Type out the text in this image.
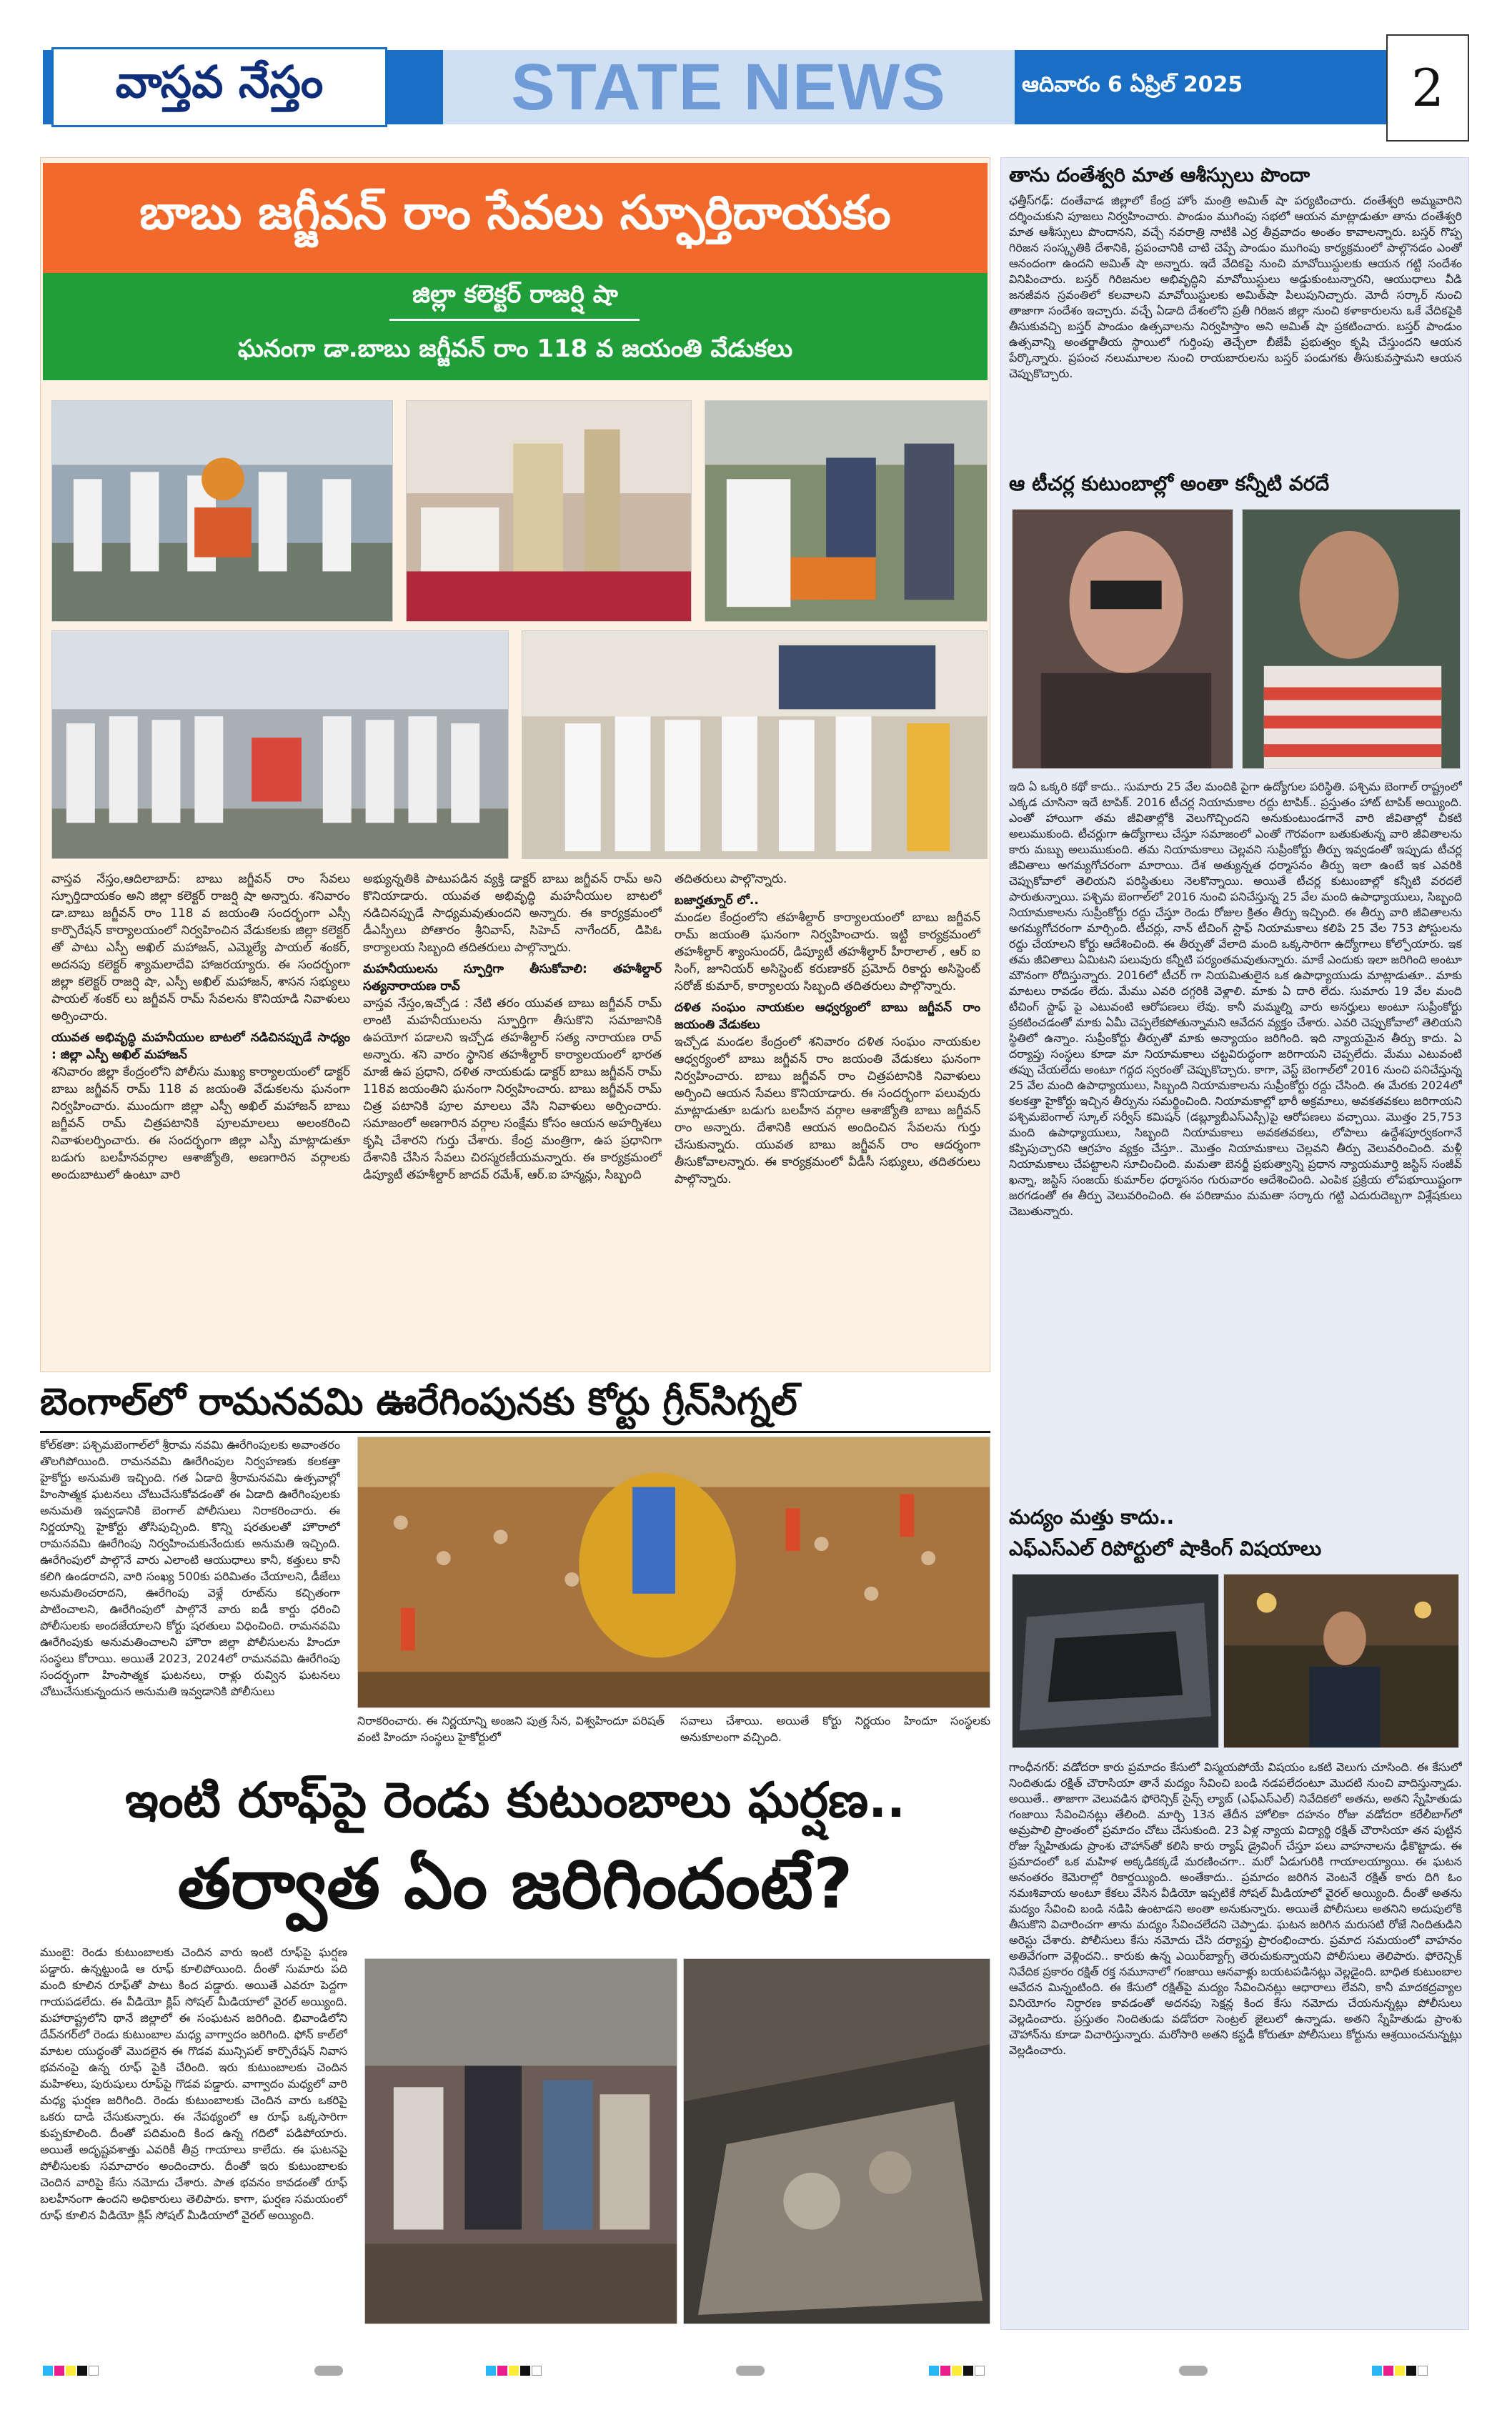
వాస్తవ నేస్తం	STATE NEWS	ఆదివారం 6 ఏప్రిల్ 2025	2
బాబు జగ్జీవన్ రాం సేవలు స్ఫూర్తిదాయకం
జిల్లా కలెక్టర్ రాజర్షి షా
ఘనంగా డా.బాబు జగ్జీవన్ రాం 118 వ జయంతి వేడుకలు

వాస్తవ నేస్తం,ఆదిలాబాద్: బాబు జగ్జీవన్ రాం సేవలు స్ఫూర్తిదాయకం అని జిల్లా కలెక్టర్ రాజర్షి షా అన్నారు. శనివారం డా.బాబు జగ్జీవన్ రాం 118 వ జయంతి సందర్భంగా ఎస్సీ కార్పొరేషన్ కార్యాలయంలో నిర్వహించిన వేడుకలకు జిల్లా కలెక్టర్ తో పాటు ఎస్పీ అఖిల్ మహాజన్, ఎమ్మెల్యే పాయల్ శంకర్, అదనపు కలెక్టర్ శ్యామలాదేవి హాజరయ్యారు. ఈ సందర్భంగా జిల్లా కలెక్టర్ రాజర్షి షా, ఎస్పీ అఖిల్ మహాజన్, శాసన సభ్యులు పాయల్ శంకర్ లు జగ్జీవన్ రామ్ సేవలను కొనియాడి నివాళులు అర్పించారు.

యువత అభివృద్ధి మహనీయుల బాటలో నడిచినప్పుడే సాధ్యం : జిల్లా ఎస్పీ అఖిల్ మహాజన్

శనివారం జిల్లా కేంద్రంలోని పోలీసు ముఖ్య కార్యాలయంలో డాక్టర్ బాబు జగ్జీవన్ రామ్ 118 వ జయంతి వేడుకలను ఘనంగా నిర్వహించారు. ముందుగా జిల్లా ఎస్పీ అఖిల్ మహాజన్ బాబు జగ్జీవన్ రామ్ చిత్రపటానికి పూలమాలలు అలంకరించి నివాళులర్పించారు. ఈ సందర్భంగా జిల్లా ఎస్పీ మాట్లాడుతూ బడుగు బలహీనవర్గాల ఆశాజ్యోతి, అణగారిన వర్గాలకు అందుబాటులో ఉంటూ వారి

అభ్యున్నతికి పాటుపడిన వ్యక్తి డాక్టర్ బాబు జగ్జీవన్ రామ్ అని కొనియాడారు. యువత అభివృద్ధి మహనీయుల బాటలో నడిచినప్పుడే సాధ్యమవుతుందని అన్నారు. ఈ కార్యక్రమంలో డీఎస్పీలు పోతారం శ్రీనివాస్, సిహెచ్ నాగేందర్, డిపిఓ కార్యాలయ సిబ్బంది తదితరులు పాల్గొన్నారు.

మహనీయులను స్ఫూర్తిగా తీసుకోవాలి: తహశీల్దార్ సత్యనారాయణ రావ్

వాస్తవ నేస్తం,ఇచ్చోడ : నేటి తరం యువత బాబు జగ్జీవన్ రామ్ లాంటి మహనీయులను స్ఫూర్తిగా తీసుకొని సమాజానికి ఉపయోగ పడాలని ఇచ్చోడ తహశీల్దార్ సత్య నారాయణ రావ్ అన్నారు. శని వారం స్థానిక తహశీల్దార్ కార్యాలయంలో భారత మాజీ ఉప ప్రధాని, దళిత నాయకుడు డాక్టర్ బాబు జగ్జీవన్ రామ్ 118వ జయంతిని ఘనంగా నిర్వహించారు. బాబు జగ్జీవన్ రామ్ చిత్ర పటానికి పూల మాలలు వేసి నివాళులు అర్పించారు. సమాజంలో అణగారిన వర్గాల సంక్షేమ కోసం ఆయన అహర్నిశలు కృషి చేశారని గుర్తు చేశారు. కేంద్ర మంత్రిగా, ఉప ప్రధానిగా దేశానికి చేసిన సేవలు చిరస్మరణీయమన్నారు. ఈ కార్యక్రమంలో డిప్యూటీ తహశీల్దార్ జాదవ్ రమేశ్, ఆర్.ఐ హన్మన్లు, సిబ్బంది

తదితరులు పాల్గొన్నారు.

బజార్హత్నూర్ లో..

మండల కేంద్రంలోని తహశీల్దార్ కార్యాలయంలో బాబు జగ్జీవన్ రామ్ జయంతి ఘనంగా నిర్వహించారు. ఇట్టి కార్యక్రమంలో తహశీల్దార్ శ్యాంసుందర్, డిప్యూటీ తహశీల్దార్ హీరాలాల్ , ఆర్ ఐ సింగ్, జూనియర్ అసిస్టెంట్ కరుణాకర్ ప్రమోద్ రికార్డు అసిస్టెంట్ సరోజ్ కుమార్, కార్యాలయ సిబ్బంది తదితరులు పాల్గొన్నారు.

దళిత సంఘం నాయకుల ఆధ్వర్యంలో బాబు జగ్జీవన్ రాం జయంతి వేడుకలు

ఇచ్చోడ మండల కేంద్రంలో శనివారం దళిత సంఘం నాయకుల ఆధ్వర్యంలో బాబు జగ్జీవన్ రాం జయంతి వేడుకలు ఘనంగా నిర్వహించారు. బాబు జగ్జీవన్ రాం చిత్రపటానికి నివాళులు అర్పించి ఆయన సేవలు కొనియాడారు. ఈ సందర్భంగా పలువురు మాట్లాడుతూ బడుగు బలహీన వర్గాల ఆశాజ్యోతి బాబు జగ్జీవన్ రాం అన్నారు. దేశానికి ఆయన అందించిన సేవలను గుర్తు చేసుకున్నారు. యువత బాబు జగ్జీవన్ రాం ఆదర్శంగా తీసుకోవాలన్నారు. ఈ కార్యక్రమంలో వీడీసీ సభ్యులు, తదితరులు పాల్గొన్నారు.

బెంగాల్‌లో రామనవమి ఊరేగింపునకు కోర్టు గ్రీన్‌సిగ్నల్

కోల్‌కతా: పశ్చిమబెంగాల్‌లో శ్రీరామ నవమి ఊరేగింపులకు అవాంతరం తొలగిపోయింది. రామనవమి ఊరేగింపుల నిర్వహణకు కలకత్తా హైకోర్టు అనుమతి ఇచ్చింది. గత ఏడాది శ్రీరామనవమి ఉత్సవాల్లో హింసాత్మక ఘటనలు చోటుచేసుకోవడంతో ఈ ఏడాది ఊరేగింపులకు అనుమతి ఇవ్వడానికి బెంగాల్ పోలీసులు నిరాకరించారు. ఈ నిర్ణయాన్ని హైకోర్టు తోసిపుచ్చింది. కొన్ని షరతులతో హౌరాలో రామనవమి ఊరేగింపు నిర్వహించుకునేందుకు అనుమతి ఇచ్చింది. ఊరేగింపులో పాల్గొనే వారు ఎలాంటి ఆయుధాలు కానీ, కత్తులు కానీ కలిగి ఉండరాదని, వారి సంఖ్య 500కు పరిమితం చేయాలని, డీజేలు అనుమతించరాదని, ఊరేగింపు వెళ్లే రూట్‌ను కచ్చితంగా పాటించాలని, ఊరేగింపులో పాల్గొనే వారు ఐడీ కార్డు ధరించి పోలీసులకు అందజేయాలని కోర్టు షరతులు విధించింది. రామనవమి ఊరేగింపుకు అనుమతించాలని హౌరా జిల్లా పోలీసులను హిందూ సంస్థలు కోరాయి. అయితే 2023, 2024లో రామనవమి ఊరేగింపు సందర్భంగా హింసాత్మక ఘటనలు, రాళ్లు రువ్విన ఘటనలు చోటుచేసుకున్నందున అనుమతి ఇవ్వడానికి పోలీసులు

నిరాకరించారు. ఈ నిర్ణయాన్ని అంజని పుత్ర సేన, విశ్వహిందూ పరిషత్ వంటి హిందూ సంస్థలు హైకోర్టులో

సవాలు చేశాయి. అయితే కోర్టు నిర్ణయం హిందూ సంస్థలకు అనుకూలంగా వచ్చింది.

ఇంటి రూఫ్‌పై రెండు కుటుంబాలు ఘర్షణ..
తర్వాత ఏం జరిగిందంటే?

ముంబై: రెండు కుటుంబాలకు చెందిన వారు ఇంటి రూఫ్‌పై ఘర్షణ పడ్డారు. ఉన్నట్టుండి ఆ రూఫ్ కూలిపోయింది. దీంతో సుమారు పది మంది కూలిన రూఫ్‌తో పాటు కింద పడ్డారు. అయితే ఎవరూ పెద్దగా గాయపడలేదు. ఈ వీడియో క్లిప్ సోషల్ మీడియాలో వైరల్ అయ్యింది. మహారాష్ట్రలోని థానే జిల్లాలో ఈ సంఘటన జరిగింది. భివాండిలోని దేవ్‌నగర్‌లో రెండు కుటుంబాల మధ్య వాగ్వాదం జరిగింది. ఫోన్ కాల్‌లో మాటల యుద్ధంతో మొదలైన ఈ గొడవ మున్సిపల్ కార్పొరేషన్ నివాస భవనంపై ఉన్న రూఫ్ పైకి చేరింది. ఇరు కుటుంబాలకు చెందిన మహిళలు, పురుషులు రూఫ్‌పై గొడవ పడ్డారు. వాగ్వాదం మధ్యలో వారి మధ్య ఘర్షణ జరిగింది. రెండు కుటుంబాలకు చెందిన వారు ఒకరిపై ఒకరు దాడి చేసుకున్నారు. ఈ నేపథ్యంలో ఆ రూఫ్ ఒక్కసారిగా కుప్పకూలింది. దీంతో పదిమంది కింద ఉన్న గదిలో పడిపోయారు. అయితే అదృష్టవశాత్తు ఎవరికీ తీవ్ర గాయాలు కాలేదు. ఈ ఘటనపై పోలీసులకు సమాచారం అందించారు. దీంతో ఇరు కుటుంబాలకు చెందిన వారిపై కేసు నమోదు చేశారు. పాత భవనం కావడంతో రూఫ్ బలహీనంగా ఉందని అధికారులు తెలిపారు. కాగా, ఘర్షణ సమయంలో రూఫ్ కూలిన వీడియో క్లిప్ సోషల్ మీడియాలో వైరల్ అయ్యింది.

తాను దంతేశ్వరి మాత ఆశీస్సులు పొందా

ఛత్తీస్‌గఢ్: దంతేవాడ జిల్లాలో కేంద్ర హోం మంత్రి అమిత్ షా పర్యటించారు. దంతేశ్వరి అమ్మవారిని దర్శించుకుని పూజలు నిర్వహించారు. పాండుం ముగింపు సభలో ఆయన మాట్లాడుతూ తాను దంతేశ్వరి మాత ఆశీస్సులు పొందానని, వచ్చే నవరాత్రి నాటికి ఎర్ర తీవ్రవాదం అంతం కావాలన్నారు. బస్తర్ గొప్ప గిరిజన సంస్కృతికి దేశానికి, ప్రపంచానికి చాటి చెప్పే పాండుం ముగింపు కార్యక్రమంలో పాల్గొనడం ఎంతో ఆనందంగా ఉందని అమిత్ షా అన్నారు. ఇదే వేదికపై నుంచి మావోయిస్టులకు ఆయన గట్టి సందేశం వినిపించారు. బస్తర్ గిరిజనుల అభివృద్ధిని మావోయిస్టులు అడ్డుకుంటున్నారని, ఆయుధాలు వీడి జనజీవన స్రవంతిలో కలవాలని మావోయిస్టులకు అమిత్‌షా పిలుపునిచ్చారు. మోదీ సర్కార్ నుంచి తాజాగా సందేశం ఇచ్చారు. వచ్చే ఏడాది దేశంలోని ప్రతీ గిరిజన జిల్లా నుంచి కళాకారులను ఒకే వేదికపైకి తీసుకువచ్చి బస్తర్ పాండుం ఉత్సవాలను నిర్వహిస్తాం అని అమిత్ షా ప్రకటించారు. బస్తర్ పాండుం ఉత్సవాన్ని అంతర్జాతీయ స్థాయిలో గుర్తింపు తెచ్చేలా బీజేపీ ప్రభుత్వం కృషి చేస్తుందని ఆయన పేర్కొన్నారు. ప్రపంచ నలుమూలల నుంచి రాయబారులను బస్తర్ పండుగకు తీసుకువస్తామని ఆయన చెప్పుకొచ్చారు.

ఆ టీచర్ల కుటుంబాల్లో అంతా కన్నీటి వరదే

ఇది ఏ ఒక్కరి కథో కాదు.. సుమారు 25 వేల మందికి పైగా ఉద్యోగుల పరిస్థితి. పశ్చిమ బెంగాల్ రాష్ట్రంలో ఎక్కడ చూసినా ఇదే టాపిక్. 2016 టీచర్ల నియామకాల రద్దు టాపిక్.. ప్రస్తుతం హాట్ టాపిక్ అయ్యింది. ఎంతో హాయిగా తమ జీవితాల్లోకి వెలుగొచ్చిందని అనుకుంటుండగానే వారి జీవితాల్లో చీకటి అలుముకుంది. టీచర్లుగా ఉద్యోగాలు చేస్తూ సమాజంలో ఎంతో గౌరవంగా బతుకుతున్న వారి జీవితాలను కారు మబ్బు అలుముకుంది. తమ నియామకాలు చెల్లవని సుప్రీంకోర్టు తీర్పు ఇవ్వడంతో ఇప్పుడు టీచర్ల జీవితాలు అగమ్యగోచరంగా మారాయి. దేశ అత్యున్నత ధర్మాసనం తీర్పు ఇలా ఉంటే ఇక ఎవరికి చెప్పుకోవాలో తెలియని పరిస్థితులు నెలకొన్నాయి. అయితే టీచర్ల కుటుంబాల్లో కన్నీటి వరదలే పారుతున్నాయి. పశ్చిమ బెంగాల్‌లో 2016 నుంచి పనిచేస్తున్న 25 వేల మంది ఉపాధ్యాయులు, సిబ్బంది నియామకాలను సుప్రీంకోర్టు రద్దు చేస్తూ రెండు రోజుల క్రితం తీర్పు ఇచ్చింది. ఈ తీర్పు వారి జీవితాలను అగమ్యగోచరంగా మార్చింది. టీచర్లు, నాన్ టీచింగ్ స్టాఫ్ నియామకాలు కలిపి 25 వేల 753 పోస్టులను రద్దు చేయాలని కోర్టు ఆదేశించింది. ఈ తీర్పుతో వేలాది మంది ఒక్కసారిగా ఉద్యోగాలు కోల్పోయారు. ఇక తమ జీవితాలు ఏమిటని పలువురు కన్నీటి పర్యంతమవుతున్నారు. మాకే ఎందుకు ఇలా జరిగింది అంటూ మౌనంగా రోదిస్తున్నారు. 2016లో టీచర్ గా నియమితులైన ఒక ఉపాధ్యాయుడు మాట్లాడుతూ.. మాకు మాటలు రావడం లేదు. మేము ఎవరి దగ్గరికి వెళ్లాలి. మాకు ఏ దారి లేదు. సుమారు 19 వేల మంది టీచింగ్ స్టాఫ్ పై ఎటువంటి ఆరోపణలు లేవు. కానీ మమ్మల్ని వారు అనర్హులు అంటూ సుప్రీంకోర్టు ప్రకటించడంతో మాకు ఏమీ చెప్పలేకపోతున్నామని ఆవేదన వ్యక్తం చేశారు. ఎవరి చెప్పుకోవాలో తెలియని స్థితిలో ఉన్నాం. సుప్రీంకోర్టు తీర్పుతో మాకు అన్యాయం జరిగింది. ఇది న్యాయమైన తీర్పు కాదు. ఏ దర్యాప్తు సంస్థలు కూడా మా నియామకాలు చట్టవిరుద్ధంగా జరిగాయని చెప్పలేదు. మేము ఎటువంటి తప్పు చేయలేదు అంటూ గద్గద స్వరంతో చెప్పుకొచ్చారు. కాగా, వెస్ట్ బెంగాల్‌లో 2016 నుంచి పనిచేస్తున్న 25 వేల మంది ఉపాధ్యాయులు, సిబ్బంది నియామకాలను సుప్రీంకోర్టు రద్దు చేసింది. ఈ మేరకు 2024లో కలకత్తా హైకోర్టు ఇచ్చిన తీర్పును సమర్థించింది. నియామకాల్లో భారీ అక్రమాలు, అవకతవకలు జరిగాయని పశ్చిమబెంగాల్ స్కూల్ సర్వీస్ కమిషన్ (డబ్ల్యూబీఎస్ఎస్సీ)పై ఆరోపణలు వచ్చాయి. మొత్తం 25,753 మంది ఉపాధ్యాయులు, సిబ్బంది నియామకాలు అవకతవకలు, లోపాలు ఉద్దేశపూర్వకంగానే కప్పిపుచ్చారని ఆగ్రహం వ్యక్తం చేస్తూ.. మొత్తం నియామకాలు చెల్లవని తీర్పు వెలువరించింది. మళ్లీ నియామకాలు చేపట్టాలని సూచించింది. మమతా బెనర్జీ ప్రభుత్వాన్ని ప్రధాన న్యాయమూర్తి జస్టిస్ సంజీవ్ ఖన్నా, జస్టిస్ సంజయ్ కుమార్‌ల ధర్మాసనం గురువారం ఆదేశించింది. ఎంపిక ప్రక్రియ లోపభూయిష్టంగా జరగడంతో ఈ తీర్పు వెలువరించింది. ఈ పరిణామం మమతా సర్కారు గట్టి ఎదురుదెబ్బగా విశ్లేషకులు చెబుతున్నారు.

మద్యం మత్తు కాదు..
ఎఫ్ఎస్ఎల్ రిపోర్టులో షాకింగ్ విషయాలు

గాంధీనగర్: వడోదరా కారు ప్రమాదం కేసులో విస్మయపోయే విషయం ఒకటి వెలుగు చూసింది. ఈ కేసులో నిందితుడు రక్షిత్ చౌరాసియా తానే మద్యం సేవించి బండి నడపలేదంటూ మొదటి నుంచి వాదిస్తున్నాడు. అయితే.. తాజాగా వెలువడిన ఫోరెన్సిక్ సైన్స్ ల్యాబ్ (ఎఫ్ఎస్ఎల్) నివేదికలో అతను, అతని స్నేహితుడు గంజాయి సేవించినట్లు తేలింది. మార్చి 13న తేదీన హోలికా దహనం రోజు వడోదరా కరేలీబాగ్‌లో అమ్రపాలి ప్రాంతంలో ప్రమాదం చోటు చేసుకుంది. 23 ఏళ్ల న్యాయ విద్యార్థి రక్షిత్ చౌరాసియా తన పుట్టిన రోజు స్నేహితుడు ప్రాంశు చౌహాన్‌తో కలిసి కారు ర్యాష్ డ్రైవింగ్ చేస్తూ పలు వాహనాలను ఢీకొట్టాడు. ఈ ప్రమాదంలో ఒక మహిళ అక్కడికక్కడే మరణించగా.. మరో ఏడుగురికి గాయాలయ్యాయి. ఈ ఘటన అనంతరం కెమెరాల్లో రికార్డయ్యింది. అంతేకాదు.. ప్రమాదం జరిగిన వెంటనే రక్షిత్ కారు దిగి ఓం నమఃశివాయ అంటూ కేకలు వేసిన వీడియో ఇప్పటికే సోషల్ మీడియాలో వైరల్ అయ్యింది. దీంతో అతను మద్యం సేవించి బండి నడిపి ఉంటాడని అంతా అనుకున్నారు. అయితే పోలీసులు అతనిని అదుపులోకి తీసుకొని విచారించగా తాను మద్యం సేవించలేదని చెప్పాడు. ఘటన జరిగిన మరుసటి రోజే నిందితుడిని అరెస్టు చేశారు. పోలీసులు కేసు నమోదు చేసి దర్యాప్తు ప్రారంభించారు. ప్రమాద సమయంలో వాహనం అతివేగంగా వెళ్లిందని.. కారుకు ఉన్న ఎయిర్‌బ్యాగ్స్ తెరుచుకున్నాయని పోలీసులు తెలిపారు. ఫోరెన్సిక్ నివేదిక ప్రకారం రక్షిత్ రక్త నమూనాలో గంజాయి ఆనవాళ్లు బయటపడినట్లు వెల్లడైంది. బాధిత కుటుంబాల ఆవేదన మిన్నంటింది. ఈ కేసులో రక్షిత్‌పై మద్యం సేవించినట్లు ఆధారాలు లేవని, కానీ మాదకద్రవ్యాల వినియోగం నిర్ధారణ కావడంతో అదనపు సెక్షన్ల కింద కేసు నమోదు చేయనున్నట్లు పోలీసులు వెల్లడించారు. ప్రస్తుతం నిందితుడు వడోదరా సెంట్రల్ జైలులో ఉన్నాడు. అతని స్నేహితుడు ప్రాంశు చౌహాన్‌ను కూడా విచారిస్తున్నారు. మరోసారి అతని కస్టడీ కోరుతూ పోలీసులు కోర్టును ఆశ్రయించనున్నట్లు వెల్లడించారు.
